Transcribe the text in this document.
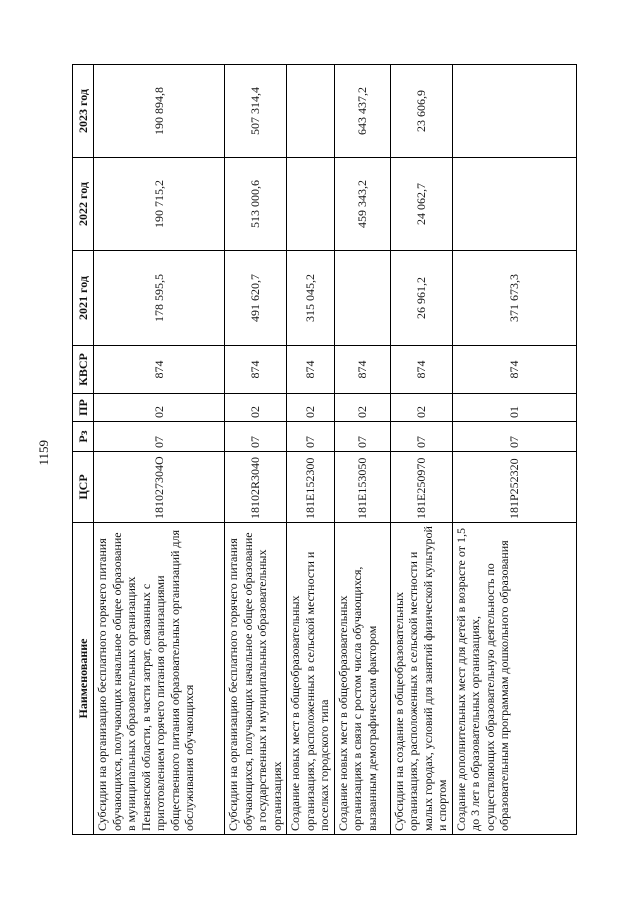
1159
Наименование	ЦСР	Рз	ПР	КВСР	2021 год	2022 год	2023 год
Субсидии на организацию бесплатного горячего питания обучающихся, получающих начальное общее образование в муниципальных образовательных организациях Пензенской области, в части затрат, связанных с приготовлением горячего питания организациями общественного питания образовательных организаций для обслуживания обучающихся	181027304О	07	02	874	178 595,5	190 715,2	190 894,8
Субсидии на организацию бесплатного горячего питания обучающихся, получающих начальное общее образование в государственных и муниципальных образовательных организациях	18102R3040	07	02	874	491 620,7	513 000,6	507 314,4
Создание новых мест в общеобразовательных организациях, расположенных в сельской местности и поселках городского типа	181Е152300	07	02	874	315 045,2		
Создание новых мест в общеобразовательных организациях в связи с ростом числа обучающихся, вызванным демографическим фактором	181Е153050	07	02	874		459 343,2	643 437,2
Субсидии на создание в общеобразовательных организациях, расположенных в сельской местности и малых городах, условий для занятий физической культурой и спортом	181Е250970	07	02	874	26 961,2	24 062,7	23 606,9
Создание дополнительных мест для детей в возрасте от 1,5 до 3 лет в образовательных организациях, осуществляющих образовательную деятельность по образовательным программам дошкольного образования	181Р252320	07	01	874	371 673,3		
